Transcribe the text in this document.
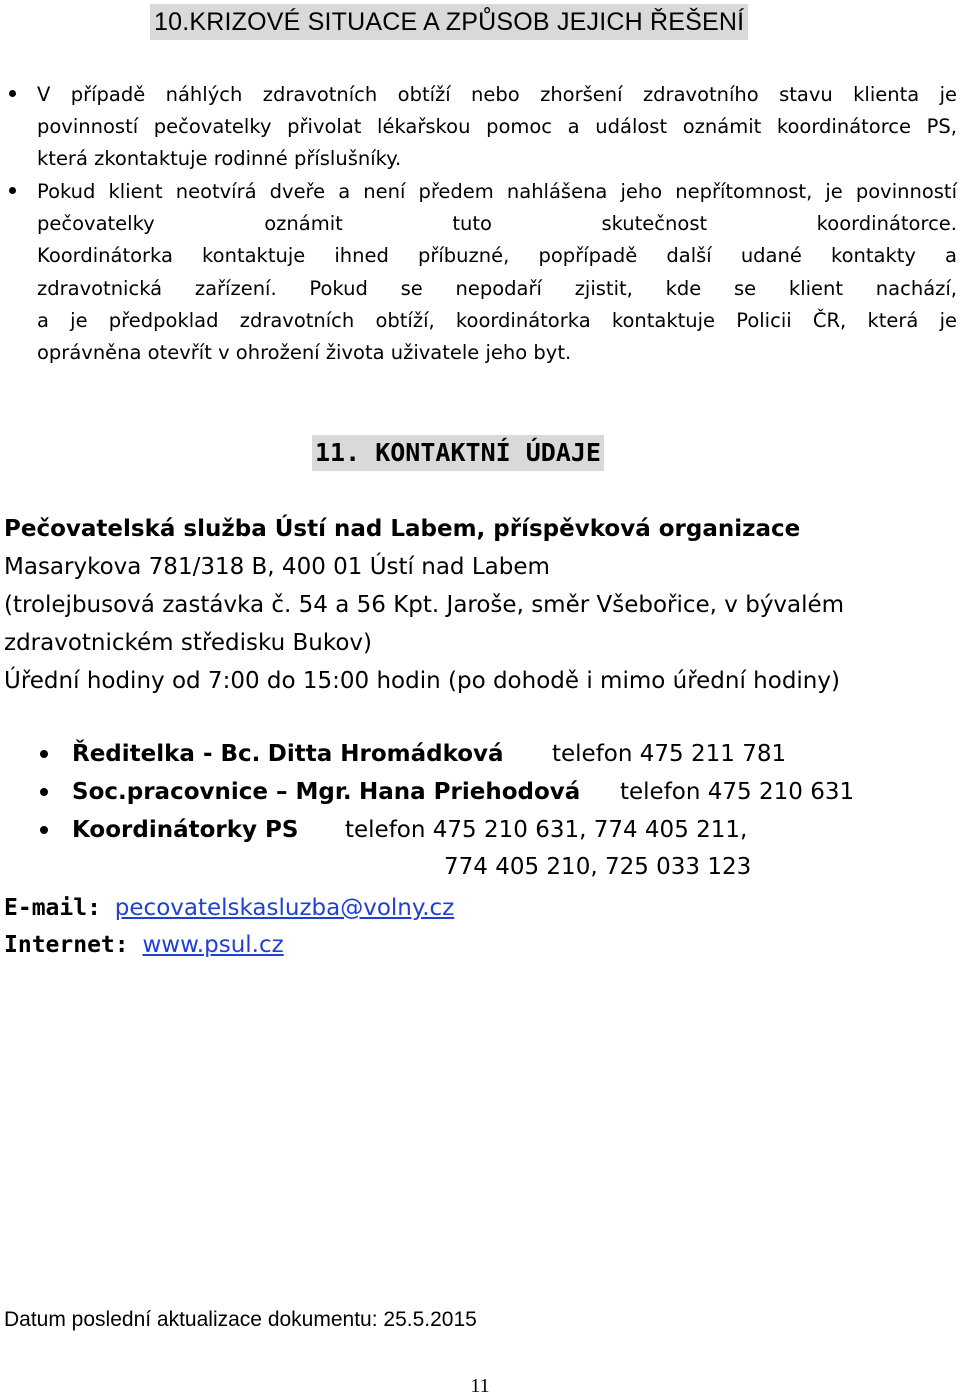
10.KRIZOVÉ SITUACE A ZPŮSOB JEJICH ŘEŠENÍ
V případě náhlých zdravotních obtíží nebo zhoršení zdravotního stavu klienta je
povinností pečovatelky přivolat lékařskou pomoc a událost oznámit koordinátorce PS,
která zkontaktuje rodinné příslušníky.
Pokud klient neotvírá dveře a není předem nahlášena jeho nepřítomnost, je povinností
pečovatelky oznámit tuto skutečnost koordinátorce.
Koordinátorka kontaktuje ihned příbuzné, popřípadě další udané kontakty a
zdravotnická zařízení. Pokud se nepodaří zjistit, kde se klient nachází,
a je předpoklad zdravotních obtíží, koordinátorka kontaktuje Policii ČR, která je
oprávněna otevřít v ohrožení života uživatele jeho byt.
11. KONTAKTNÍ ÚDAJE
Pečovatelská služba Ústí nad Labem, příspěvková organizace
Masarykova 781/318 B, 400 01 Ústí nad Labem
(trolejbusová zastávka č. 54 a 56 Kpt. Jaroše, směr Všebořice, v bývalém
zdravotnickém středisku Bukov)
Úřední hodiny od 7:00 do 15:00 hodin (po dohodě i mimo úřední hodiny)
Ředitelka - Bc. Ditta Hromádková telefon 475 211 781
Soc.pracovnice – Mgr. Hana Priehodová telefon 475 210 631
Koordinátorky PS telefon 475 210 631, 774 405 211,
774 405 210, 725 033 123
E-mail: pecovatelskasluzba@volny.cz
Internet: www.psul.cz
Datum poslední aktualizace dokumentu: 25.5.2015
11
